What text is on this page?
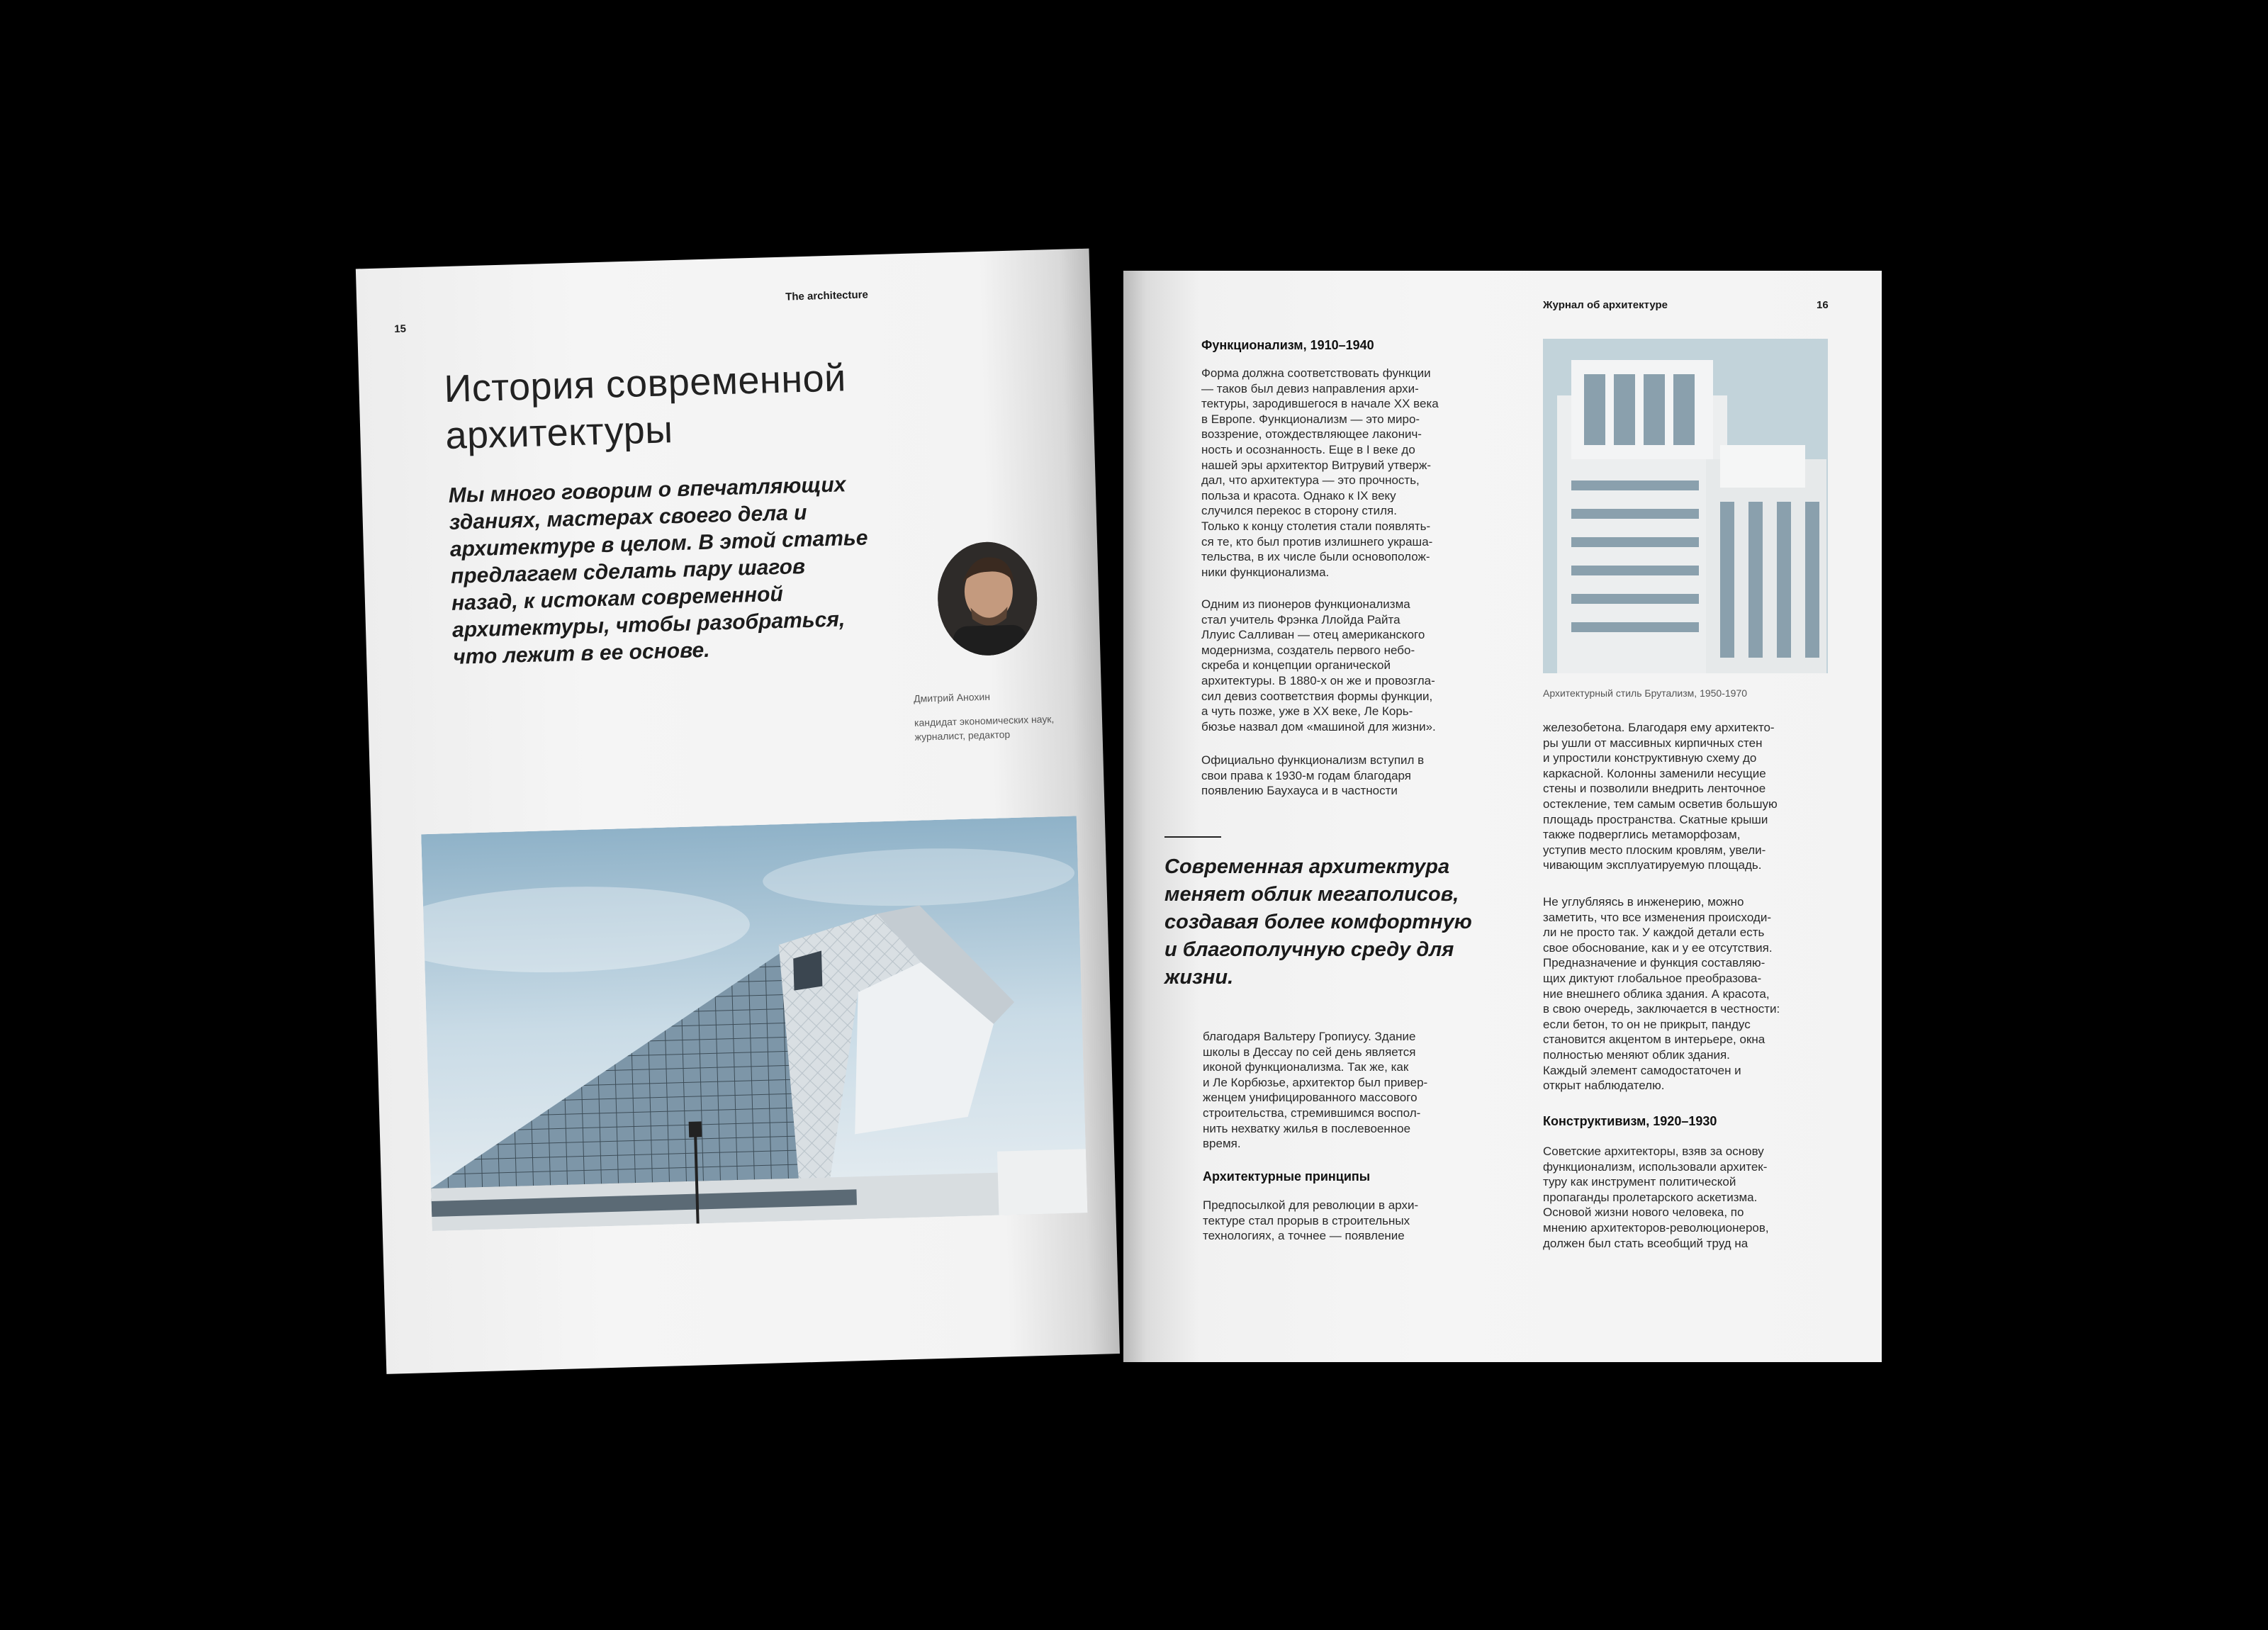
15
The architecture
История современной
архитектуры
Мы много говорим о впечатляющих
зданиях, мастерах своего дела и
архитектуре в целом. В этой статье
предлагаем сделать пару шагов
назад, к истокам современной
архитектуры, чтобы разобраться,
что лежит в ее основе.
Дмитрий Анохин
кандидат экономических наук,
журналист, редактор
Журнал об архитектуре	16
Функционализм, 1910–1940
Форма должна соответствовать функции
— таков был девиз направления архи-
тектуры, зародившегося в начале XX века
в Европе. Функционализм — это миро-
воззрение, отождествляющее лаконич-
ность и осознанность. Еще в I веке до
нашей эры архитектор Витрувий утверж-
дал, что архитектура — это прочность,
польза и красота. Однако к IX веку
случился перекос в сторону стиля.
Только к концу столетия стали появлять-
ся те, кто был против излишнего украша-
тельства, в их числе были основополож-
ники функционализма.
Одним из пионеров функционализма
стал учитель Фрэнка Ллойда Райта
Ллуис Салливан — отец американского
модернизма, создатель первого небо-
скреба и концепции органической
архитектуры. В 1880-х он же и провозгла-
сил девиз соответствия формы функции,
а чуть позже, уже в XX веке, Ле Корь-
бюзье назвал дом «машиной для жизни».
Официально функционализм вступил в
свои права к 1930-м годам благодаря
появлению Баухауса и в частности
Современная архитектура
меняет облик мегаполисов,
создавая более комфортную
и благополучную среду для
жизни.
благодаря Вальтеру Гропиусу. Здание
школы в Дессау по сей день является
иконой функционализма. Так же, как
и Ле Корбюзье, архитектор был привер-
женцем унифицированного массового
строительства, стремившимся воспол-
нить нехватку жилья в послевоенное
время.
Архитектурные принципы
Предпосылкой для революции в архи-
тектуре стал прорыв в строительных
технологиях, а точнее — появление
Архитектурный стиль Брутализм, 1950-1970
железобетона. Благодаря ему архитекто-
ры ушли от массивных кирпичных стен
и упростили конструктивную схему до
каркасной. Колонны заменили несущие
стены и позволили внедрить ленточное
остекление, тем самым осветив большую
площадь пространства. Скатные крыши
также подверглись метаморфозам,
уступив место плоским кровлям, увели-
чивающим эксплуатируемую площадь.
Не углубляясь в инженерию, можно
заметить, что все изменения происходи-
ли не просто так. У каждой детали есть
свое обоснование, как и у ее отсутствия.
Предназначение и функция составляю-
щих диктуют глобальное преобразова-
ние внешнего облика здания. А красота,
в свою очередь, заключается в честности:
если бетон, то он не прикрыт, пандус
становится акцентом в интерьере, окна
полностью меняют облик здания.
Каждый элемент самодостаточен и
открыт наблюдателю.
Конструктивизм, 1920–1930
Советские архитекторы, взяв за основу
функционализм, использовали архитек-
туру как инструмент политической
пропаганды пролетарского аскетизма.
Основой жизни нового человека, по
мнению архитекторов-революционеров,
должен был стать всеобщий труд на
